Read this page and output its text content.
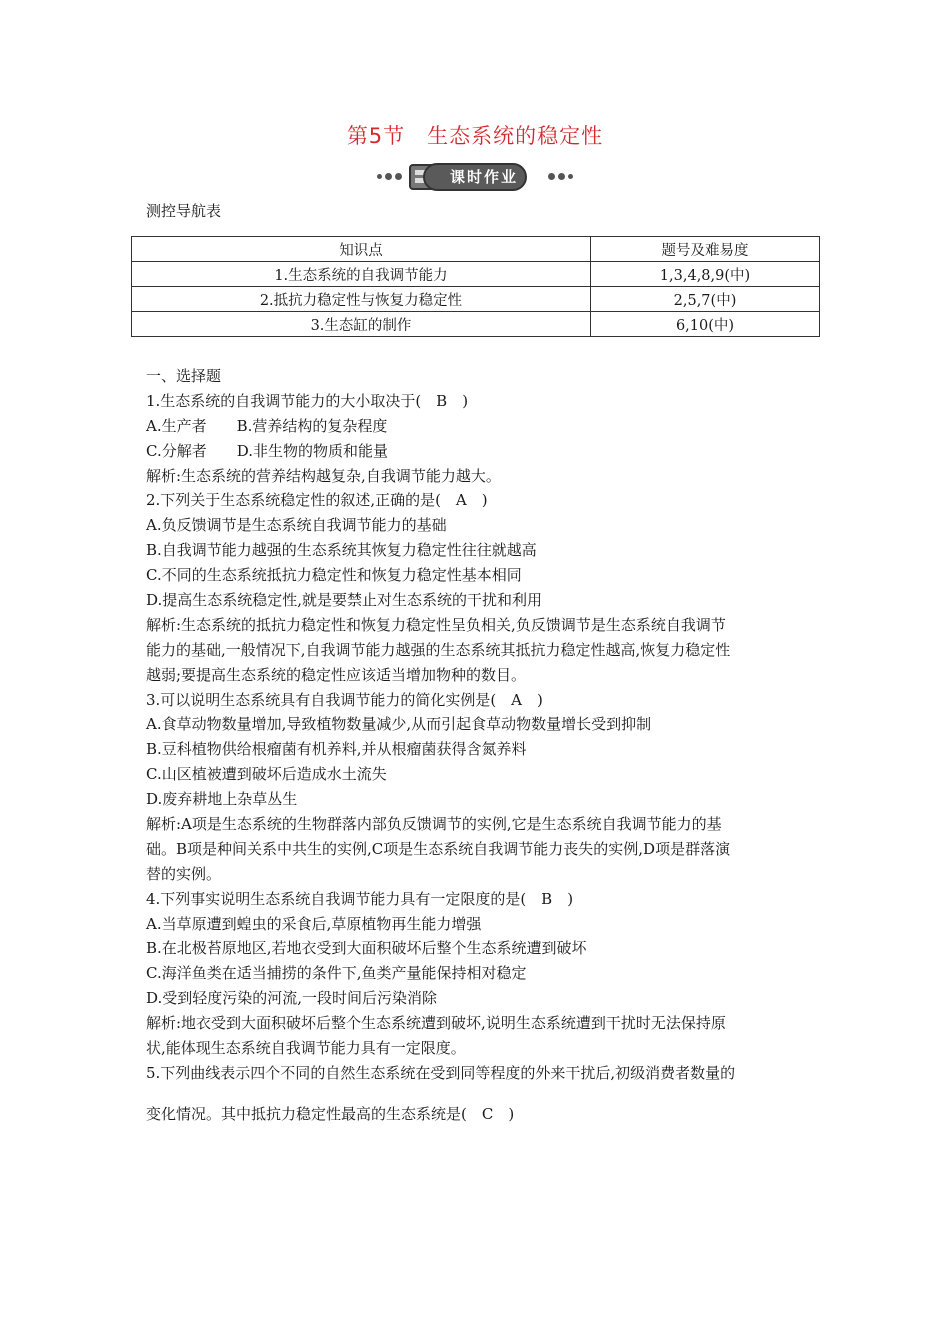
第5节　生态系统的稳定性
课时作业
测控导航表
知识点	题号及难易度
1.生态系统的自我调节能力	1,3,4,8,9(中)
2.抵抗力稳定性与恢复力稳定性	2,5,7(中)
3.生态缸的制作	6,10(中)
一、选择题
1.生态系统的自我调节能力的大小取决于(　B　)
A.生产者　　B.营养结构的复杂程度
C.分解者　　D.非生物的物质和能量
解析:生态系统的营养结构越复杂,自我调节能力越大。
2.下列关于生态系统稳定性的叙述,正确的是(　A　)
A.负反馈调节是生态系统自我调节能力的基础
B.自我调节能力越强的生态系统其恢复力稳定性往往就越高
C.不同的生态系统抵抗力稳定性和恢复力稳定性基本相同
D.提高生态系统稳定性,就是要禁止对生态系统的干扰和利用
解析:生态系统的抵抗力稳定性和恢复力稳定性呈负相关,负反馈调节是生态系统自我调节
能力的基础,一般情况下,自我调节能力越强的生态系统其抵抗力稳定性越高,恢复力稳定性
越弱;要提高生态系统的稳定性应该适当增加物种的数目。
3.可以说明生态系统具有自我调节能力的简化实例是(　A　)
A.食草动物数量增加,导致植物数量减少,从而引起食草动物数量增长受到抑制
B.豆科植物供给根瘤菌有机养料,并从根瘤菌获得含氮养料
C.山区植被遭到破坏后造成水土流失
D.废弃耕地上杂草丛生
解析:A项是生态系统的生物群落内部负反馈调节的实例,它是生态系统自我调节能力的基
础。B项是种间关系中共生的实例,C项是生态系统自我调节能力丧失的实例,D项是群落演
替的实例。
4.下列事实说明生态系统自我调节能力具有一定限度的是(　B　)
A.当草原遭到蝗虫的采食后,草原植物再生能力增强
B.在北极苔原地区,若地衣受到大面积破坏后整个生态系统遭到破坏
C.海洋鱼类在适当捕捞的条件下,鱼类产量能保持相对稳定
D.受到轻度污染的河流,一段时间后污染消除
解析:地衣受到大面积破坏后整个生态系统遭到破坏,说明生态系统遭到干扰时无法保持原
状,能体现生态系统自我调节能力具有一定限度。
5.下列曲线表示四个不同的自然生态系统在受到同等程度的外来干扰后,初级消费者数量的
变化情况。其中抵抗力稳定性最高的生态系统是(　C　)
